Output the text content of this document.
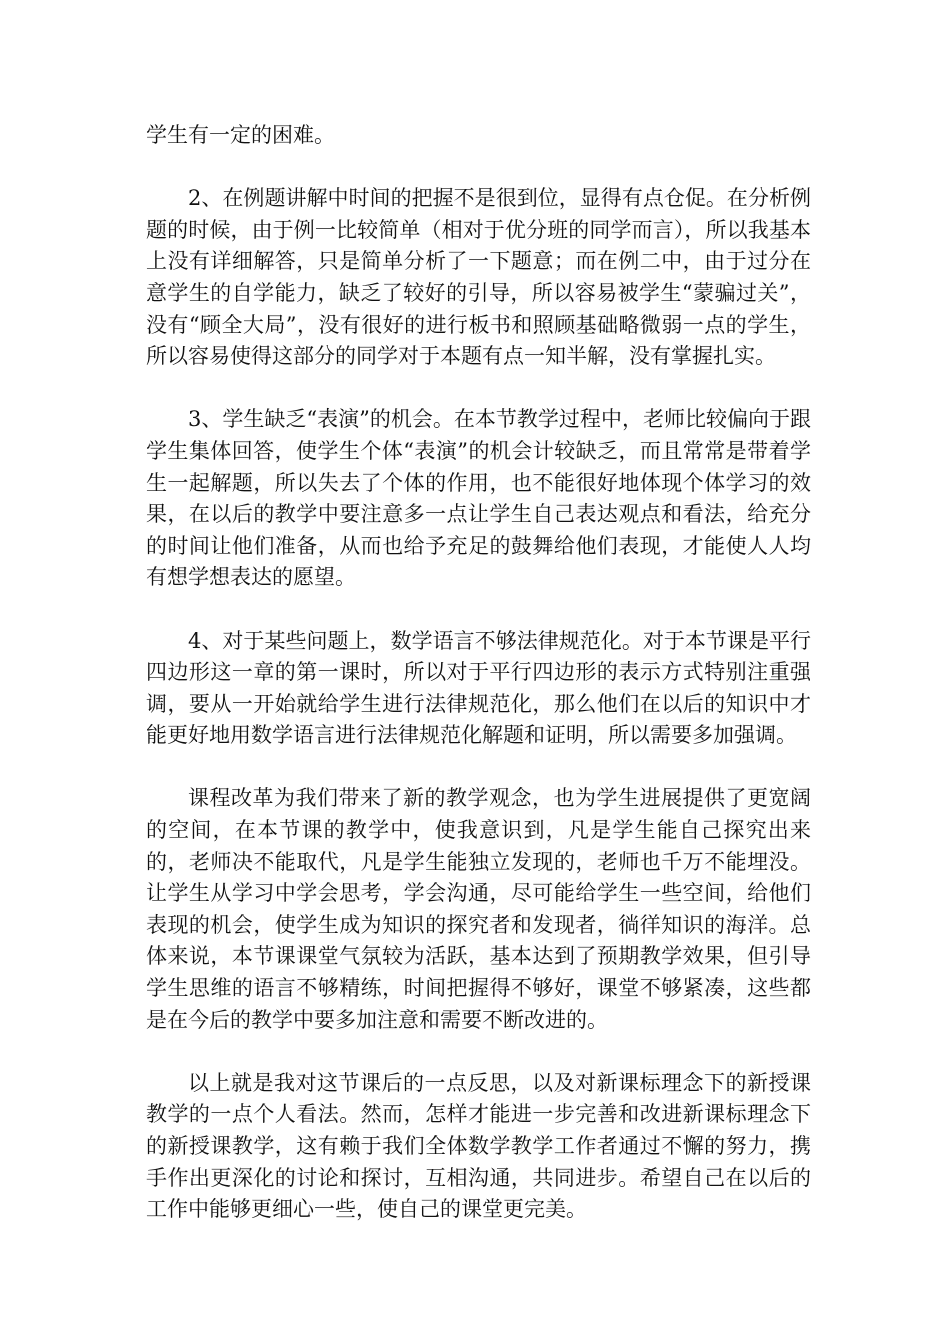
学生有一定的困难。

2、在例题讲解中时间的把握不是很到位，显得有点仓促。在分析例题的时候，由于例一比较简单（相对于优分班的同学而言），所以我基本上没有详细解答，只是简单分析了一下题意；而在例二中，由于过分在意学生的自学能力，缺乏了较好的引导，所以容易被学生“蒙骗过关”，没有“顾全大局”，没有很好的进行板书和照顾基础略微弱一点的学生，所以容易使得这部分的同学对于本题有点一知半解，没有掌握扎实。

3、学生缺乏“表演”的机会。在本节教学过程中，老师比较偏向于跟学生集体回答，使学生个体“表演”的机会计较缺乏，而且常常是带着学生一起解题，所以失去了个体的作用，也不能很好地体现个体学习的效果，在以后的教学中要注意多一点让学生自己表达观点和看法，给充分的时间让他们准备，从而也给予充足的鼓舞给他们表现，才能使人人均有想学想表达的愿望。

4、对于某些问题上，数学语言不够法律规范化。对于本节课是平行四边形这一章的第一课时，所以对于平行四边形的表示方式特别注重强调，要从一开始就给学生进行法律规范化，那么他们在以后的知识中才能更好地用数学语言进行法律规范化解题和证明，所以需要多加强调。

课程改革为我们带来了新的教学观念，也为学生进展提供了更宽阔的空间，在本节课的教学中，使我意识到，凡是学生能自己探究出来的，老师决不能取代，凡是学生能独立发现的，老师也千万不能埋没。让学生从学习中学会思考，学会沟通，尽可能给学生一些空间，给他们表现的机会，使学生成为知识的探究者和发现者，徜徉知识的海洋。总体来说，本节课课堂气氛较为活跃，基本达到了预期教学效果，但引导学生思维的语言不够精练，时间把握得不够好，课堂不够紧凑，这些都是在今后的教学中要多加注意和需要不断改进的。

以上就是我对这节课后的一点反思，以及对新课标理念下的新授课教学的一点个人看法。然而，怎样才能进一步完善和改进新课标理念下的新授课教学，这有赖于我们全体数学教学工作者通过不懈的努力，携手作出更深化的讨论和探讨，互相沟通，共同进步。希望自己在以后的工作中能够更细心一些，使自己的课堂更完美。
